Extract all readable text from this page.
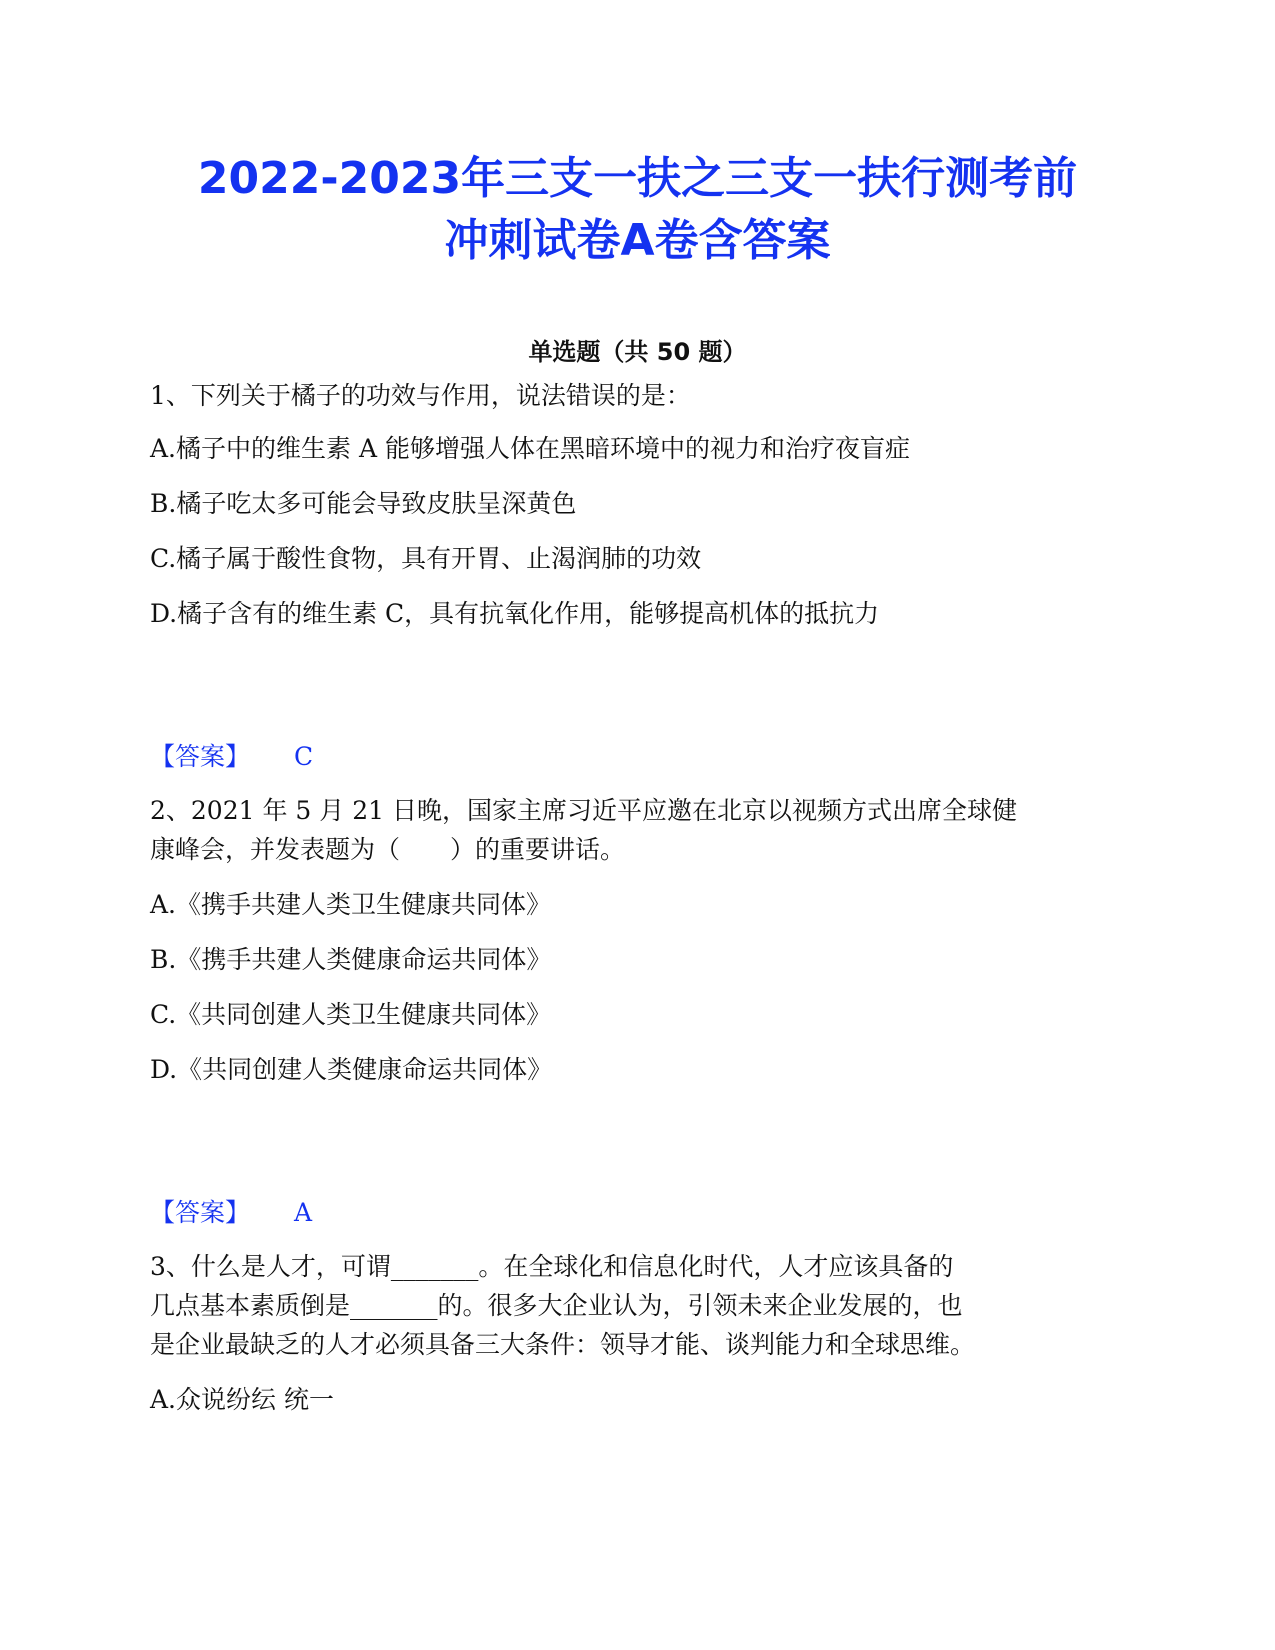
2022-2023年三支一扶之三支一扶行测考前
冲刺试卷A卷含答案
单选题（共 50 题）
1、下列关于橘子的功效与作用，说法错误的是：
A.橘子中的维生素 A 能够增强人体在黑暗环境中的视力和治疗夜盲症
B.橘子吃太多可能会导致皮肤呈深黄色
C.橘子属于酸性食物，具有开胃、止渴润肺的功效
D.橘子含有的维生素 C，具有抗氧化作用，能够提高机体的抵抗力
【答案】 C
2、2021 年 5 月 21 日晚，国家主席习近平应邀在北京以视频方式出席全球健
康峰会，并发表题为（　　）的重要讲话。
A.《携手共建人类卫生健康共同体》
B.《携手共建人类健康命运共同体》
C.《共同创建人类卫生健康共同体》
D.《共同创建人类健康命运共同体》
【答案】 A
3、什么是人才，可谓_______。在全球化和信息化时代，人才应该具备的
几点基本素质倒是_______的。很多大企业认为，引领未来企业发展的，也
是企业最缺乏的人才必须具备三大条件：领导才能、谈判能力和全球思维。
A.众说纷纭 统一
